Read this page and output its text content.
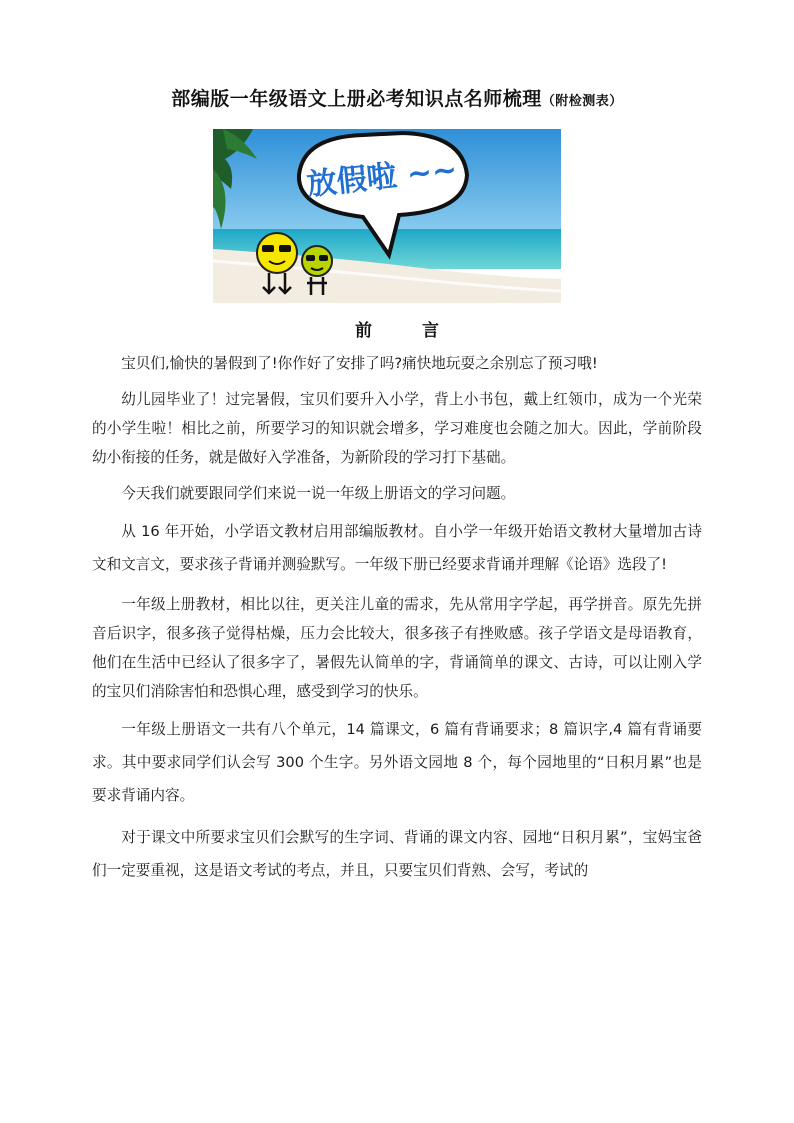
部编版一年级语文上册必考知识点名师梳理（附检测表）
放假啦 ~~
前 言

宝贝们,愉快的暑假到了!你作好了安排了吗?痛快地玩耍之余别忘了预习哦!

幼儿园毕业了！过完暑假，宝贝们要升入小学，背上小书包，戴上红领巾，成为一个光荣的小学生啦！相比之前，所要学习的知识就会增多，学习难度也会随之加大。因此，学前阶段幼小衔接的任务，就是做好入学准备，为新阶段的学习打下基础。

今天我们就要跟同学们来说一说一年级上册语文的学习问题。

从 16 年开始，小学语文教材启用部编版教材。自小学一年级开始语文教材大量增加古诗文和文言文，要求孩子背诵并测验默写。一年级下册已经要求背诵并理解《论语》选段了!

一年级上册教材，相比以往，更关注儿童的需求，先从常用字学起，再学拼音。原先先拼音后识字，很多孩子觉得枯燥，压力会比较大，很多孩子有挫败感。孩子学语文是母语教育，他们在生活中已经认了很多字了，暑假先认简单的字，背诵简单的课文、古诗，可以让刚入学的宝贝们消除害怕和恐惧心理，感受到学习的快乐。

一年级上册语文一共有八个单元，14 篇课文，6 篇有背诵要求；8 篇识字,4 篇有背诵要求。其中要求同学们认会写 300 个生字。另外语文园地 8 个，每个园地里的“日积月累”也是要求背诵内容。

对于课文中所要求宝贝们会默写的生字词、背诵的课文内容、园地“日积月累”，宝妈宝爸们一定要重视，这是语文考试的考点，并且，只要宝贝们背熟、会写，考试的
